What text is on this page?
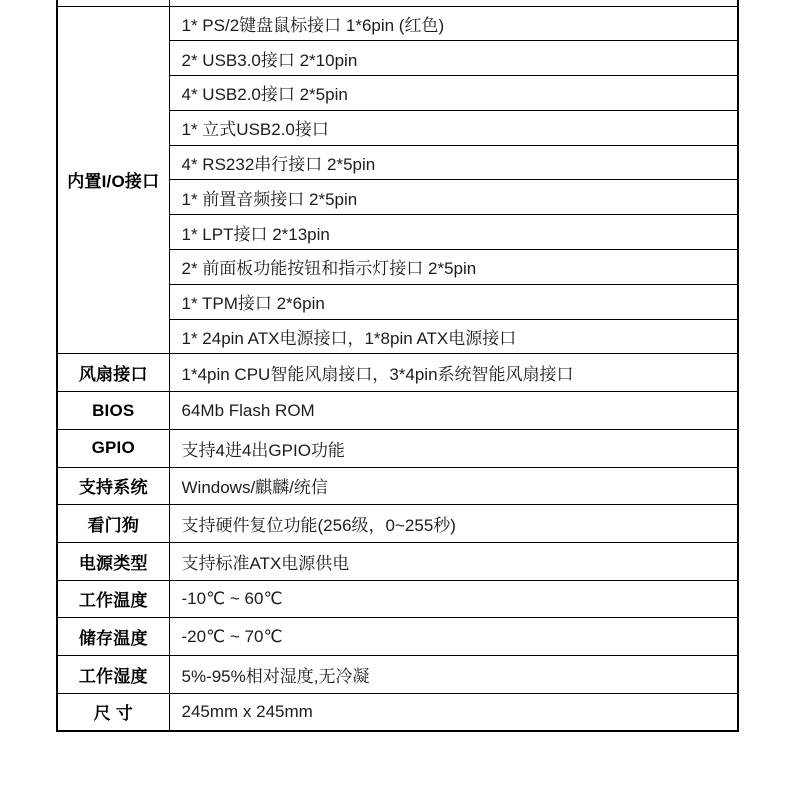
内置I/O接口	1* PS/2键盘鼠标接口 1*6pin (红色)
	2* USB3.0接口 2*10pin
	4* USB2.0接口 2*5pin
	1* 立式USB2.0接口
	4* RS232串行接口 2*5pin
	1* 前置音频接口 2*5pin
	1* LPT接口 2*13pin
	2* 前面板功能按钮和指示灯接口 2*5pin
	1* TPM接口 2*6pin
	1* 24pin ATX电源接口，1*8pin ATX电源接口
风扇接口	1*4pin CPU智能风扇接口，3*4pin系统智能风扇接口
BIOS	64Mb Flash ROM
GPIO	支持4进4出GPIO功能
支持系统	Windows/麒麟/统信
看门狗	支持硬件复位功能(256级，0~255秒)
电源类型	支持标准ATX电源供电
工作温度	-10℃ ~ 60℃
储存温度	-20℃ ~ 70℃
工作湿度	5%-95%相对湿度,无冷凝
尺 寸	245mm x 245mm
